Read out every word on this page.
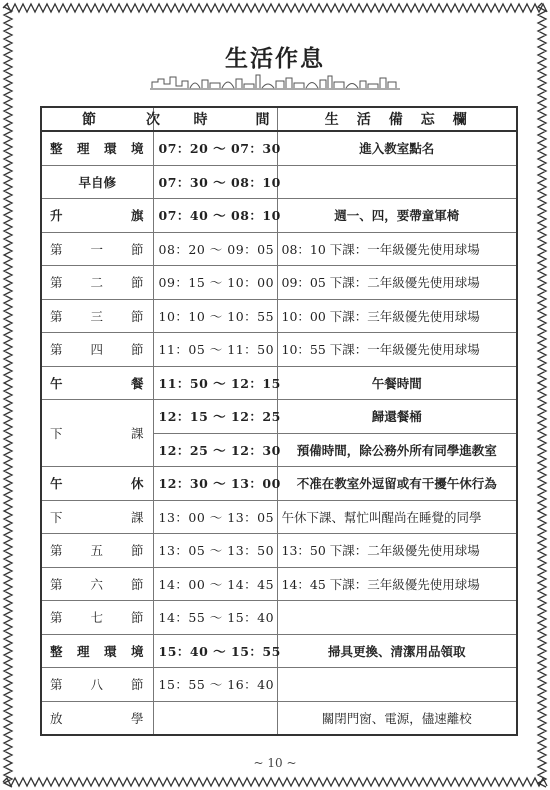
生活作息
節次	時間	生活備忘欄
整理環境	07：20 ～ 07：30	進入教室點名
早自修	07：30 ～ 08：10	
升旗	07：40 ～ 08：10	週一、四，要帶童軍椅
第一節	08：20 ～ 09：05	08：10 下課：一年級優先使用球場
第二節	09：15 ～ 10：00	09：05 下課：二年級優先使用球場
第三節	10：10 ～ 10：55	10：00 下課：三年級優先使用球場
第四節	11：05 ～ 11：50	10：55 下課：一年級優先使用球場
午餐	11：50 ～ 12：15	午餐時間
下課	12：15 ～ 12：25	歸還餐桶
	12：25 ～ 12：30	預備時間，除公務外所有同學進教室
午休	12：30 ～ 13：00	不准在教室外逗留或有干擾午休行為
下課	13：00 ～ 13：05	午休下課、幫忙叫醒尚在睡覺的同學
第五節	13：05 ～ 13：50	13：50 下課：二年級優先使用球場
第六節	14：00 ～ 14：45	14：45 下課：三年級優先使用球場
第七節	14：55 ～ 15：40	
整理環境	15：40 ～ 15：55	掃具更換、清潔用品領取
第八節	15：55 ～ 16：40	
放學		關閉門窗、電源，儘速離校
~ 10 ~
